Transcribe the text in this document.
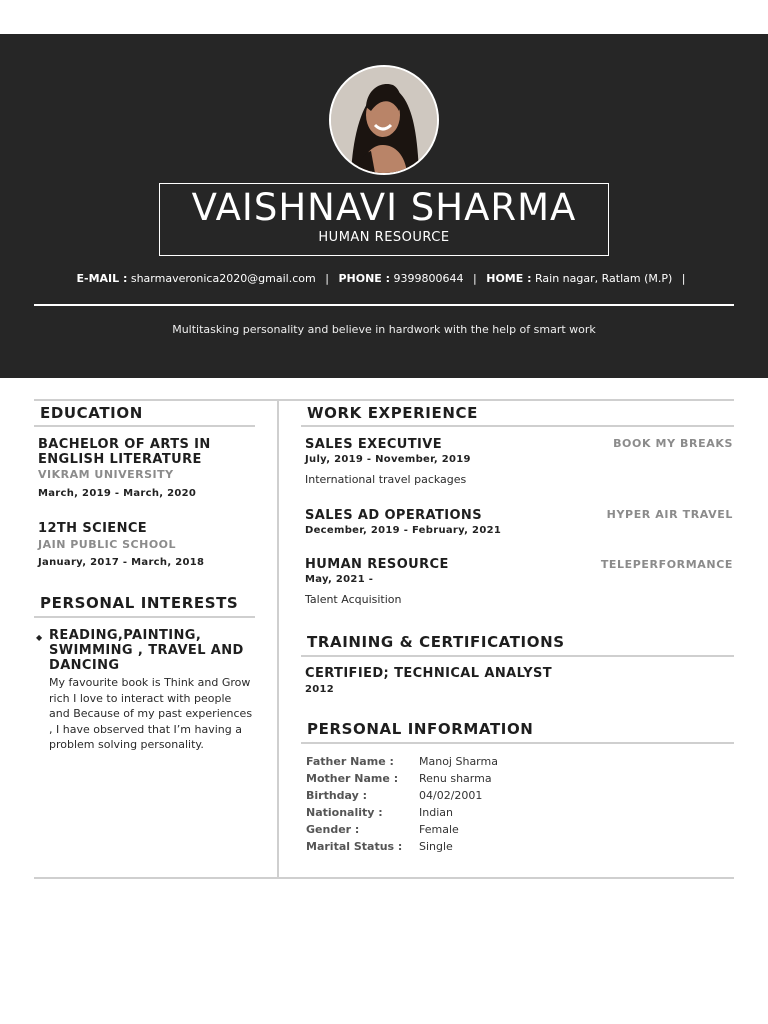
VAISHNAVI SHARMA
HUMAN RESOURCE
E-MAIL : sharmaveronica2020@gmail.com | PHONE : 9399800644 | HOME : Rain nagar, Ratlam (M.P) |
Multitasking personality and believe in hardwork with the help of smart work
EDUCATION
BACHELOR OF ARTS IN ENGLISH LITERATURE
VIKRAM UNIVERSITY
March, 2019 - March, 2020
12TH SCIENCE
JAIN PUBLIC SCHOOL
January, 2017 - March, 2018
PERSONAL INTERESTS
◆ READING,PAINTING, SWIMMING , TRAVEL AND DANCING
My favourite book is Think and Grow rich I love to interact with people and Because of my past experiences , I have observed that I’m having a problem solving personality.
WORK EXPERIENCE
SALES EXECUTIVE	BOOK MY BREAKS
July, 2019 - November, 2019
International travel packages
SALES AD OPERATIONS	HYPER AIR TRAVEL
December, 2019 - February, 2021
HUMAN RESOURCE	TELEPERFORMANCE
May, 2021 -
Talent Acquisition
TRAINING & CERTIFICATIONS
CERTIFIED; TECHNICAL ANALYST
2012
PERSONAL INFORMATION
Father Name : Manoj Sharma
Mother Name : Renu sharma
Birthday :	04/02/2001
Nationality :	Indian
Gender :	Female
Marital Status : Single
